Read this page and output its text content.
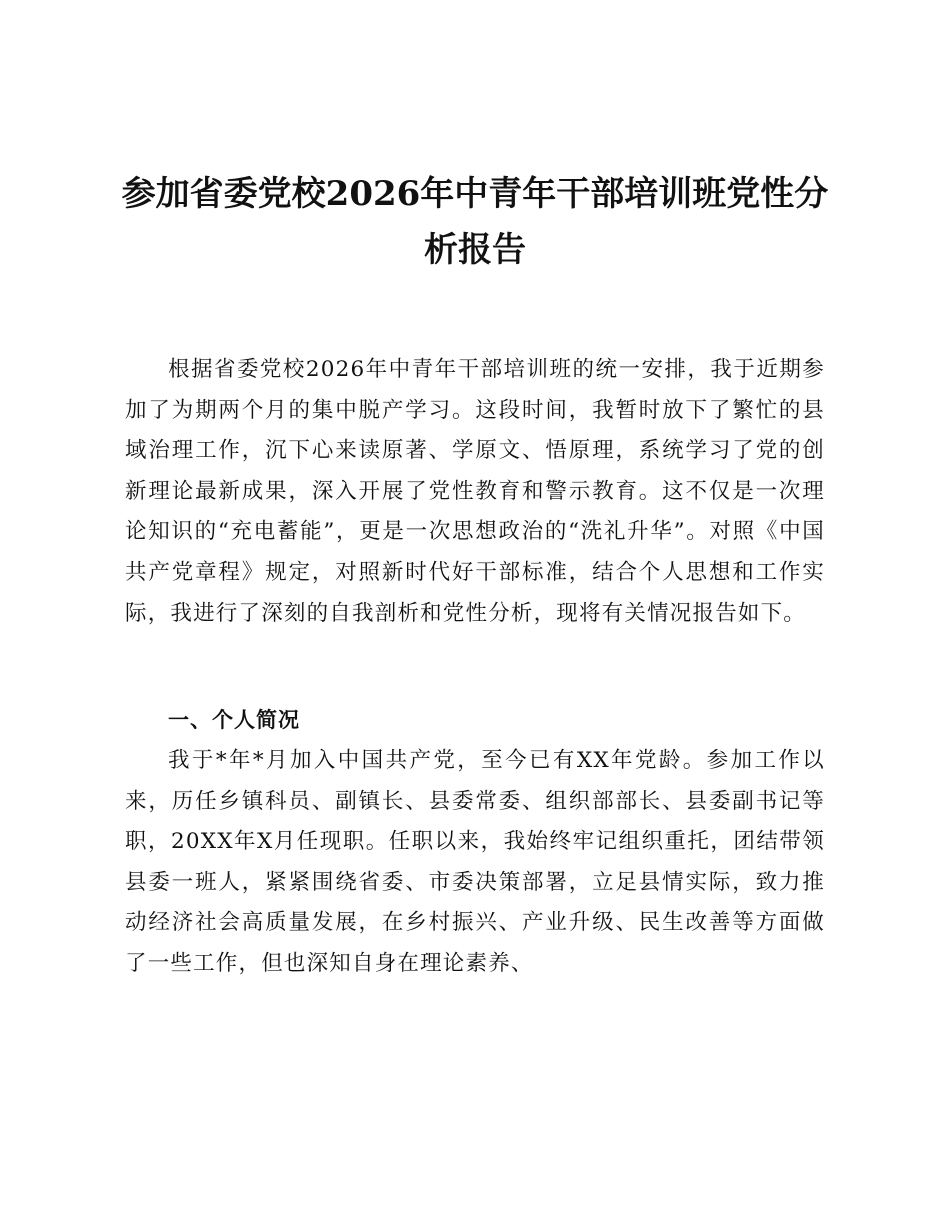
参加省委党校2026年中青年干部培训班党性分析报告

根据省委党校2026年中青年干部培训班的统一安排，我于近期参加了为期两个月的集中脱产学习。这段时间，我暂时放下了繁忙的县域治理工作，沉下心来读原著、学原文、悟原理，系统学习了党的创新理论最新成果，深入开展了党性教育和警示教育。这不仅是一次理论知识的“充电蓄能”，更是一次思想政治的“洗礼升华”。对照《中国共产党章程》规定，对照新时代好干部标准，结合个人思想和工作实际，我进行了深刻的自我剖析和党性分析，现将有关情况报告如下。

一、个人简况

我于*年*月加入中国共产党，至今已有XX年党龄。参加工作以来，历任乡镇科员、副镇长、县委常委、组织部部长、县委副书记等职，20XX年X月任现职。任职以来，我始终牢记组织重托，团结带领县委一班人，紧紧围绕省委、市委决策部署，立足县情实际，致力推动经济社会高质量发展，在乡村振兴、产业升级、民生改善等方面做了一些工作，但也深知自身在理论素养、
